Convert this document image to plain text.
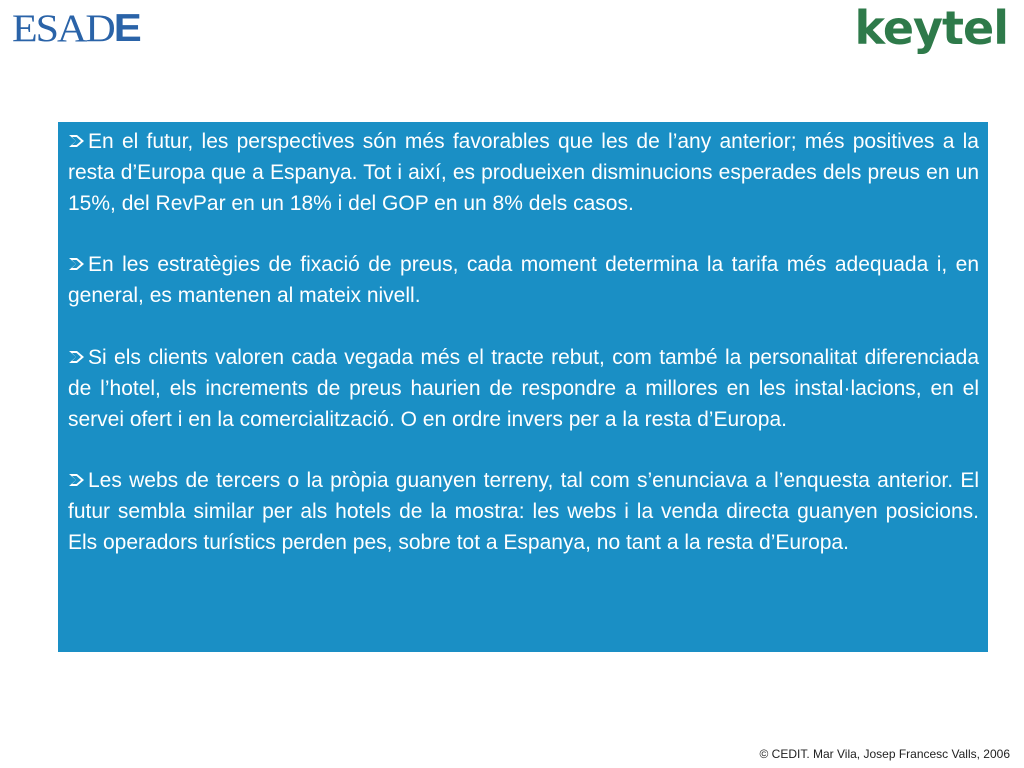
ESADE	keytel

En el futur, les perspectives són més favorables que les de l’any anterior; més positives a la resta d’Europa que a Espanya. Tot i així, es produeixen disminucions esperades dels preus en un 15%, del RevPar en un 18% i del GOP en un 8% dels casos.

En les estratègies de fixació de preus, cada moment determina la tarifa més adequada i, en general, es mantenen al mateix nivell.

Si els clients valoren cada vegada més el tracte rebut, com també la personalitat diferenciada de l’hotel, els increments de preus haurien de respondre a millores en les instal·lacions, en el servei ofert i en la comercialització. O en ordre invers per a la resta d’Europa.

Les webs de tercers o la pròpia guanyen terreny, tal com s’enunciava a l’enquesta anterior. El futur sembla similar per als hotels de la mostra: les webs i la venda directa guanyen posicions. Els operadors turístics perden pes, sobre tot a Espanya, no tant a la resta d’Europa.

© CEDIT. Mar Vila, Josep Francesc Valls, 2006
